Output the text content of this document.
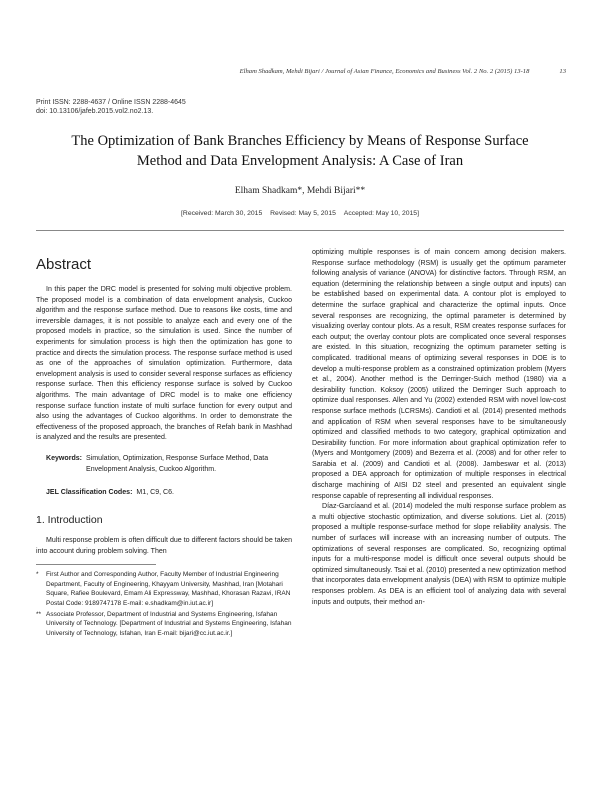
Elham Shadkam, Mehdi Bijari / Journal of Asian Finance, Economics and Business Vol. 2 No. 2 (2015) 13-18	13
Print ISSN: 2288-4637 / Online ISSN 2288-4645
doi: 10.13106/jafeb.2015.vol2.no2.13.
The Optimization of Bank Branches Efficiency by Means of Response Surface
Method and Data Envelopment Analysis: A Case of Iran
Elham Shadkam*, Mehdi Bijari**
[Received: March 30, 2015 Revised: May 5, 2015 Accepted: May 10, 2015]
Abstract

In this paper the DRC model is presented for solving multi objective problem. The proposed model is a combination of data envelopment analysis, Cuckoo algorithm and the response surface method. Due to reasons like costs, time and irreversible damages, it is not possible to analyze each and every one of the proposed models in practice, so the simulation is used. Since the number of experiments for simulation process is high then the optimization has gone to practice and directs the simulation process. The response surface method is used as one of the approaches of simulation optimization. Furthermore, data envelopment analysis is used to consider several response surfaces as efficiency response surface. Then this efficiency response surface is solved by Cuckoo algorithms. The main advantage of DRC model is to make one efficiency response surface function instate of multi surface function for every output and also using the advantages of Cuckoo algorithms. In order to demonstrate the effectiveness of the proposed approach, the branches of Refah bank in Mashhad is analyzed and the results are presented.

Keywords: Simulation, Optimization, Response Surface Method, Data Envelopment Analysis, Cuckoo Algorithm.
JEL Classification Codes: M1, C9, C6.
1. Introduction

Multi response problem is often difficult due to different factors should be taken into account during problem solving. Then

*	First Author and Corresponding Author, Faculty Member of Industrial Engineering Department, Faculty of Engineering, Khayyam University, Mashhad, Iran [Motahari Square, Rafiee Boulevard, Emam Ali Expressway, Mashhad, Khorasan Razavi, IRAN Postal Code: 9189747178 E-mail: e.shadkam@in.iut.ac.ir]
** Associate Professor, Department of Industrial and Systems Engineering, Isfahan University of Technology. [Department of Industrial and Systems Engineering, Isfahan University of Technology, Isfahan, Iran E-mail: bijari@cc.iut.ac.ir.]

optimizing multiple responses is of main concern among decision makers. Response surface methodology (RSM) is usually get the optimum parameter following analysis of variance (ANOVA) for distinctive factors. Through RSM, an equation (determining the relationship between a single output and inputs) can be established based on experimental data. A contour plot is employed to determine the surface graphical and characterize the optimal inputs. Once several responses are recognizing, the optimal parameter is determined by visualizing overlay contour plots. As a result, RSM creates response surfaces for each output; the overlay contour plots are complicated once several responses are existed. In this situation, recognizing the optimum parameter setting is complicated. traditional means of optimizing several responses in DOE is to develop a multi-response problem as a constrained optimization problem (Myers et al., 2004). Another method is the Derringer-Suich method (1980) via a desirability function. Koksoy (2005) utilized the Derringer Such approach to optimize dual responses. Allen and Yu (2002) extended RSM with novel low-cost response surface methods (LCRSMs). Candioti et al. (2014) presented methods and application of RSM when several responses have to be simultaneously optimized and classified methods to two category, graphical optimization and Desirability function. For more information about graphical optimization refer to (Myers and Montgomery (2009) and Bezerra et al. (2008) and for other refer to Sarabia et al. (2009) and Candioti et al. (2008). Jambeswar et al. (2013) proposed a DEA approach for optimization of multiple responses in electrical discharge machining of AISI D2 steel and presented an equivalent single response capable of representing all individual responses.

Díaz-Garcíaand et al. (2014) modeled the multi response surface problem as a multi objective stochastic optimization, and diverse solutions. Liet al. (2015) proposed a multiple response-surface method for slope reliability analysis. The number of surfaces will increase with an increasing number of outputs. The optimizations of several responses are complicated. So, recognizing optimal inputs for a multi-response model is difficult once several outputs should be optimized simultaneously. Tsai et al. (2010) presented a new optimization method that incorporates data envelopment analysis (DEA) with RSM to optimize multiple responses problem. As DEA is an efficient tool of analyzing data with several inputs and outputs, their method an-
